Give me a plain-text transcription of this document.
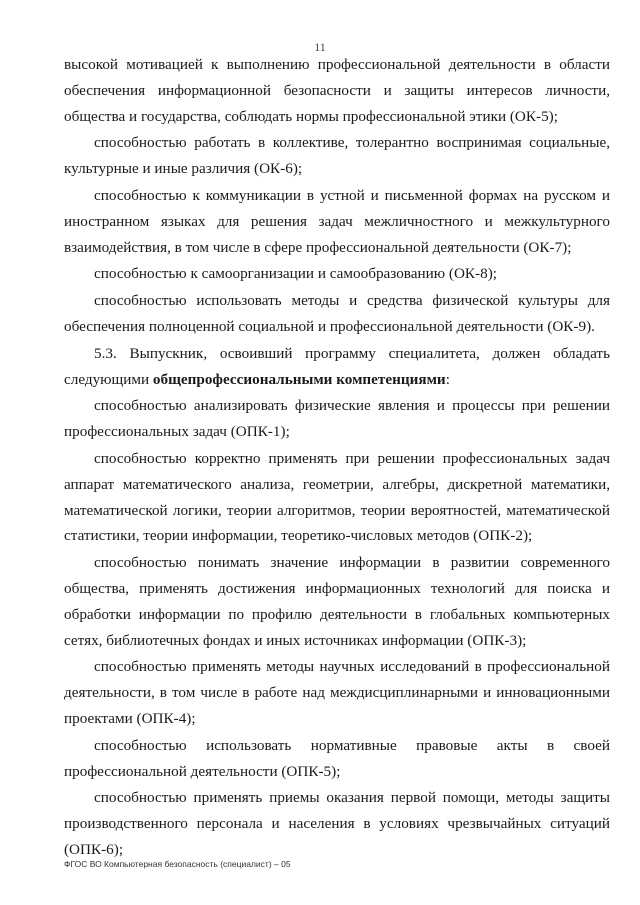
11

высокой мотивацией к выполнению профессиональной деятельности в области обеспечения информационной безопасности и защиты интересов личности, общества и государства, соблюдать нормы профессиональной этики (ОК-5);

способностью работать в коллективе, толерантно воспринимая социальные, культурные и иные различия (ОК-6);

способностью к коммуникации в устной и письменной формах на русском и иностранном языках для решения задач межличностного и межкультурного взаимодействия, в том числе в сфере профессиональной деятельности (ОК-7);

способностью к самоорганизации и самообразованию (ОК-8);

способностью использовать методы и средства физической культуры для обеспечения полноценной социальной и профессиональной деятельности (ОК-9).

5.3. Выпускник, освоивший программу специалитета, должен обладать следующими общепрофессиональными компетенциями:

способностью анализировать физические явления и процессы при решении профессиональных задач (ОПК-1);

способностью корректно применять при решении профессиональных задач аппарат математического анализа, геометрии, алгебры, дискретной математики, математической логики, теории алгоритмов, теории вероятностей, математической статистики, теории информации, теоретико-числовых методов (ОПК-2);

способностью понимать значение информации в развитии современного общества, применять достижения информационных технологий для поиска и обработки информации по профилю деятельности в глобальных компьютерных сетях, библиотечных фондах и иных источниках информации (ОПК-3);

способностью применять методы научных исследований в профессиональной деятельности, в том числе в работе над междисциплинарными и инновационными проектами (ОПК-4);

способностью использовать нормативные правовые акты в своей профессиональной деятельности (ОПК-5);

способностью применять приемы оказания первой помощи, методы защиты производственного персонала и населения в условиях чрезвычайных ситуаций (ОПК-6);

ФГОС ВО Компьютерная безопасность (специалист) – 05
